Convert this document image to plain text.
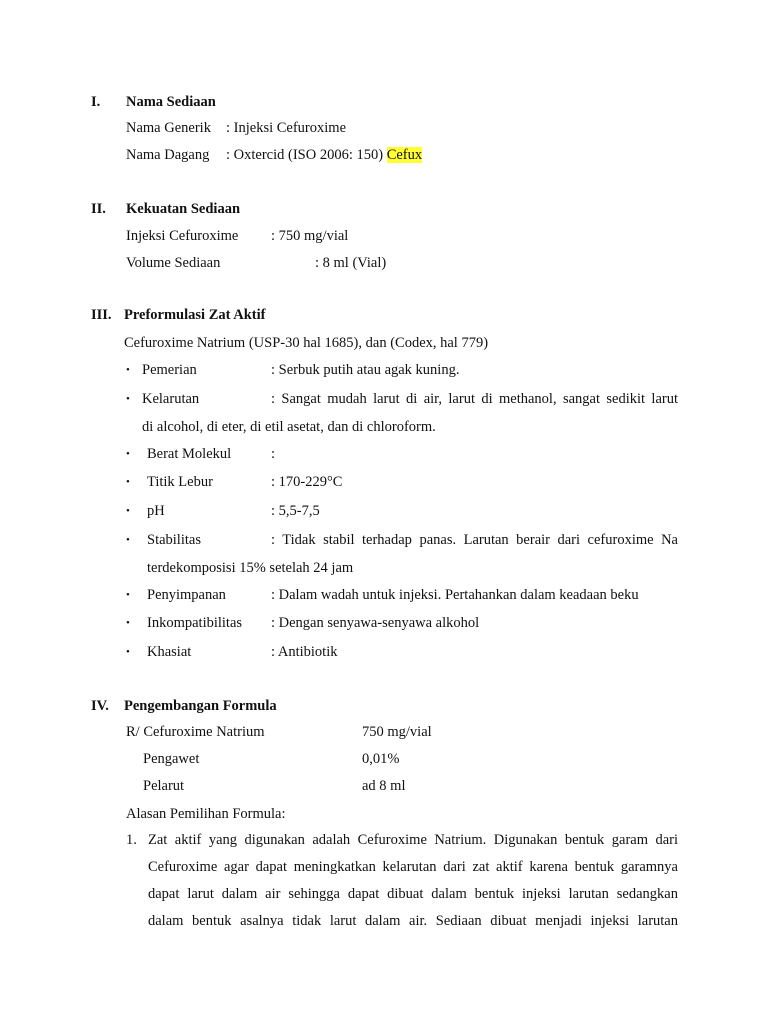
I. Nama Sediaan
Nama Generik : Injeksi Cefuroxime
Nama Dagang : Oxtercid (ISO 2006: 150) Cefux
II. Kekuatan Sediaan
Injeksi Cefuroxime : 750 mg/vial
Volume Sediaan	: 8 ml (Vial)
III. Preformulasi Zat Aktif
Cefuroxime Natrium (USP-30 hal 1685), dan (Codex, hal 779)
• Pemerian	: Serbuk putih atau agak kuning.
• Kelarutan	: Sangat mudah larut di air, larut di methanol, sangat sedikit larut
di alcohol, di eter, di etil asetat, dan di chloroform.
• Berat Molekul	:
• Titik Lebur	: 170-229°C
• pH	: 5,5-7,5
• Stabilitas	: Tidak stabil terhadap panas. Larutan berair dari cefuroxime Na
terdekomposisi 15% setelah 24 jam
• Penyimpanan	: Dalam wadah untuk injeksi. Pertahankan dalam keadaan beku
• Inkompatibilitas : Dengan senyawa-senyawa alkohol
• Khasiat	: Antibiotik
IV. Pengembangan Formula
R/ Cefuroxime Natrium	750 mg/vial
Pengawet	0,01%
Pelarut	ad 8 ml
Alasan Pemilihan Formula:
1. Zat aktif yang digunakan adalah Cefuroxime Natrium. Digunakan bentuk garam dari
Cefuroxime agar dapat meningkatkan kelarutan dari zat aktif karena bentuk garamnya
dapat larut dalam air sehingga dapat dibuat dalam bentuk injeksi larutan sedangkan
dalam bentuk asalnya tidak larut dalam air. Sediaan dibuat menjadi injeksi larutan
